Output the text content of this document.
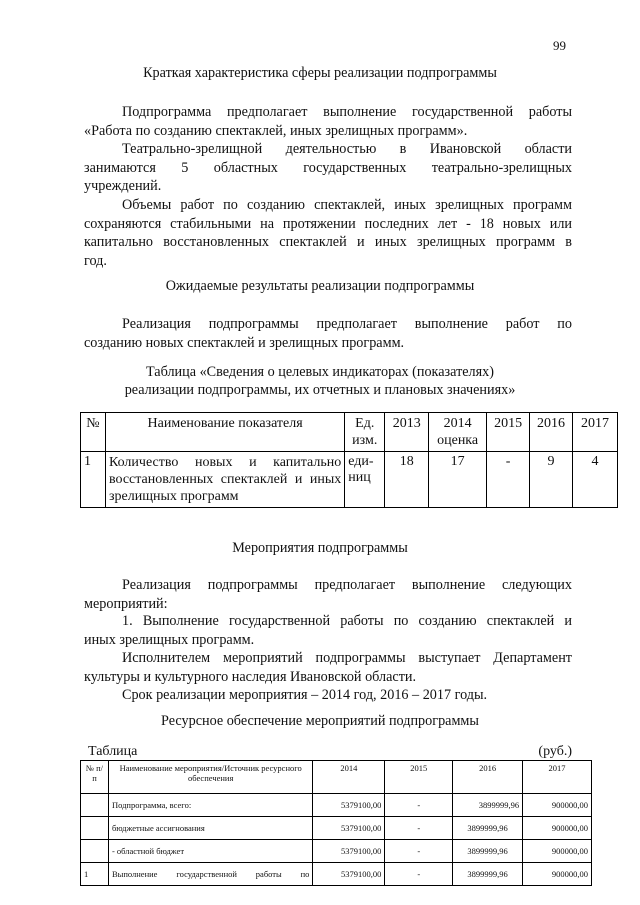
99
Краткая характеристика сферы реализации подпрограммы
Подпрограмма предполагает выполнение государственной работы
«Работа по созданию спектаклей, иных зрелищных программ».
Театрально-зрелищной деятельностью в Ивановской области
занимаются 5 областных государственных театрально-зрелищных
учреждений.
Объемы работ по созданию спектаклей, иных зрелищных программ
сохраняются стабильными на протяжении последних лет - 18 новых или
капитально восстановленных спектаклей и иных зрелищных программ в
год.
Ожидаемые результаты реализации подпрограммы
Реализация подпрограммы предполагает выполнение работ по
созданию новых спектаклей и зрелищных программ.
Таблица «Сведения о целевых индикаторах (показателях)
реализации подпрограммы, их отчетных и плановых значениях»
№	Наименование показателя	Ед. изм.	2013	2014 оценка	2015	2016	2017
1	Количество новых и капитально восстановленных спектаклей и иных зрелищных программ	еди-ниц	18	17	-	9	4
Мероприятия подпрограммы
Реализация подпрограммы предполагает выполнение следующих
мероприятий:
1. Выполнение государственной работы по созданию спектаклей и
иных зрелищных программ.
Исполнителем мероприятий подпрограммы выступает Департамент
культуры и культурного наследия Ивановской области.
Срок реализации мероприятия – 2014 год, 2016 – 2017 годы.
Ресурсное обеспечение мероприятий подпрограммы
Таблица	(руб.)
№ п/п	Наименование мероприятия/Источник ресурсного обеспечения	2014	2015	2016	2017
	Подпрограмма, всего:	5379100,00	-	3899999,96	900000,00
	бюджетные ассигнования	5379100,00	-	3899999,96	900000,00
	- областной бюджет	5379100,00	-	3899999,96	900000,00
1	Выполнение государственной работы по	5379100,00	-	3899999,96	900000,00
